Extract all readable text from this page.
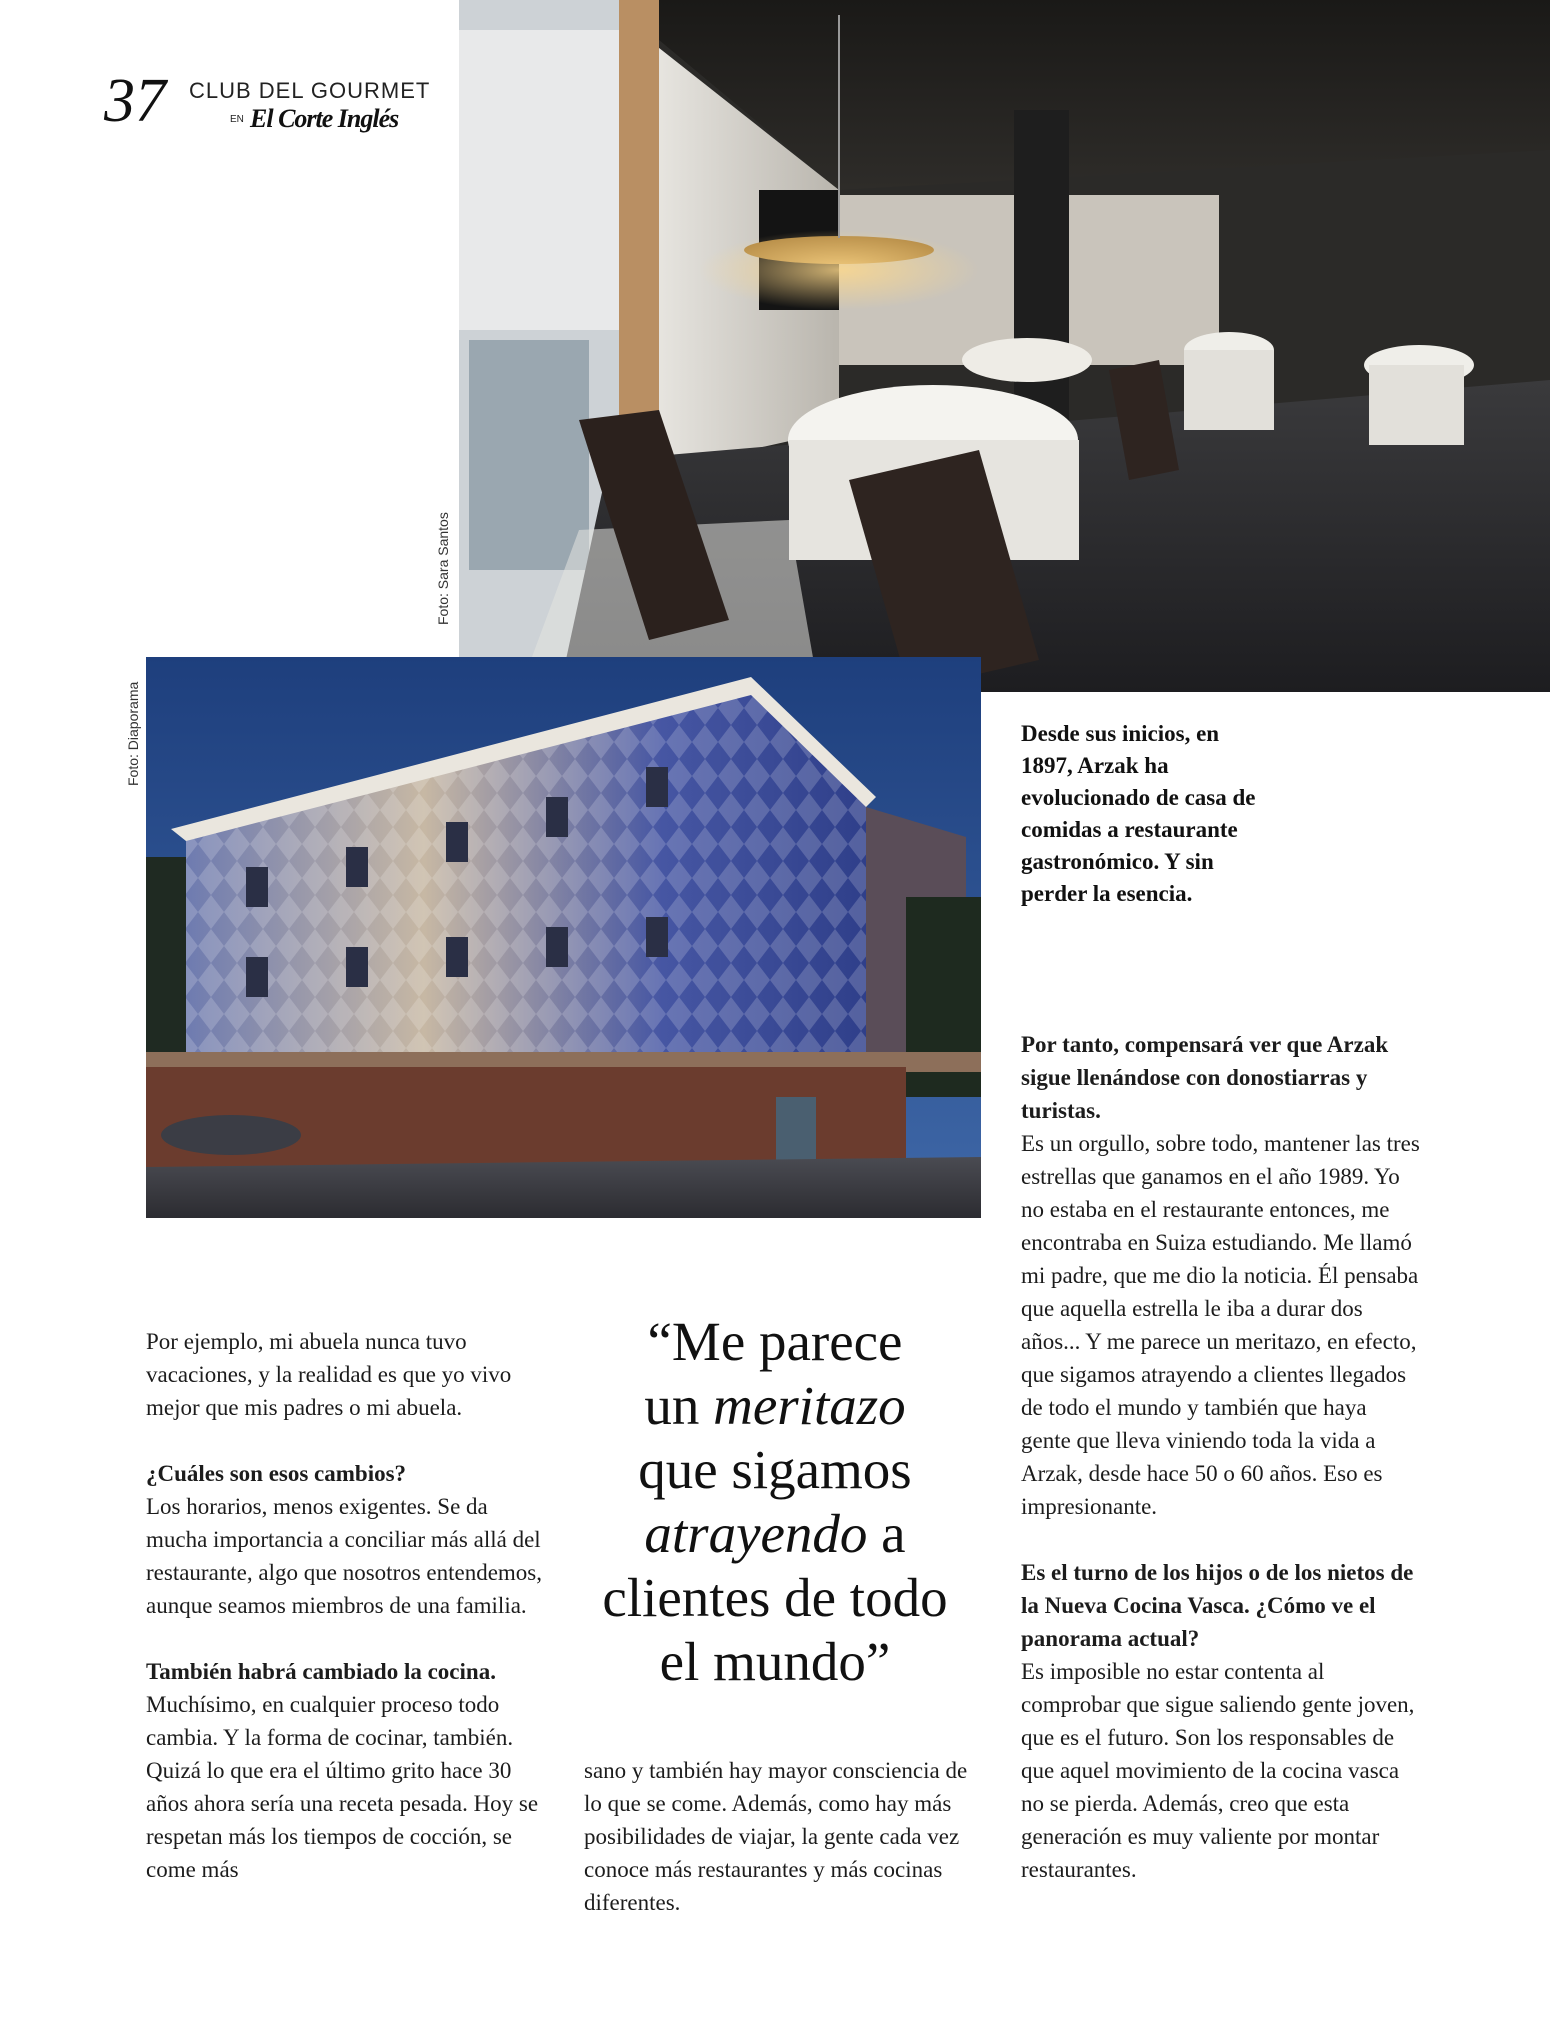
37 CLUB DEL GOURMET
EN El Corte Inglés
Foto: Sara Santos
Foto: Diaporama	Desde sus inicios, en 1897, Arzak ha evolucionado de casa de comidas a restaurante gastronómico. Y sin perder la esencia.
“Me parece
un meritazo
que sigamos
atrayendo a
clientes de todo
el mundo”

Por ejemplo, mi abuela nunca tuvo vacaciones, y la realidad es que yo vivo mejor que mis padres o mi abuela.

¿Cuáles son esos cambios?
Los horarios, menos exigentes. Se da mucha importancia a conciliar más allá del restaurante, algo que nosotros entendemos, aunque seamos miembros de una familia.

También habrá cambiado la cocina.
Muchísimo, en cualquier proceso todo cambia. Y la forma de cocinar, también. Quizá lo que era el último grito hace 30 años ahora sería una receta pesada. Hoy se respetan más los tiempos de cocción, se come más

sano y también hay mayor consciencia de lo que se come. Además, como hay más posibilidades de viajar, la gente cada vez conoce más restaurantes y más cocinas diferentes.

Por tanto, compensará ver que Arzak sigue llenándose con donostiarras y turistas.
Es un orgullo, sobre todo, mantener las tres estrellas que ganamos en el año 1989. Yo no estaba en el restaurante entonces, me encontraba en Suiza estudiando. Me llamó mi padre, que me dio la noticia. Él pensaba que aquella estrella le iba a durar dos años... Y me parece un meritazo, en efecto, que sigamos atrayendo a clientes llegados de todo el mundo y también que haya gente que lleva viniendo toda la vida a Arzak, desde hace 50 o 60 años. Eso es impresionante.

Es el turno de los hijos o de los nietos de la Nueva Cocina Vasca. ¿Cómo ve el panorama actual?
Es imposible no estar contenta al comprobar que sigue saliendo gente joven, que es el futuro. Son los responsables de que aquel movimiento de la cocina vasca no se pierda. Además, creo que esta generación es muy valiente por montar restaurantes.
